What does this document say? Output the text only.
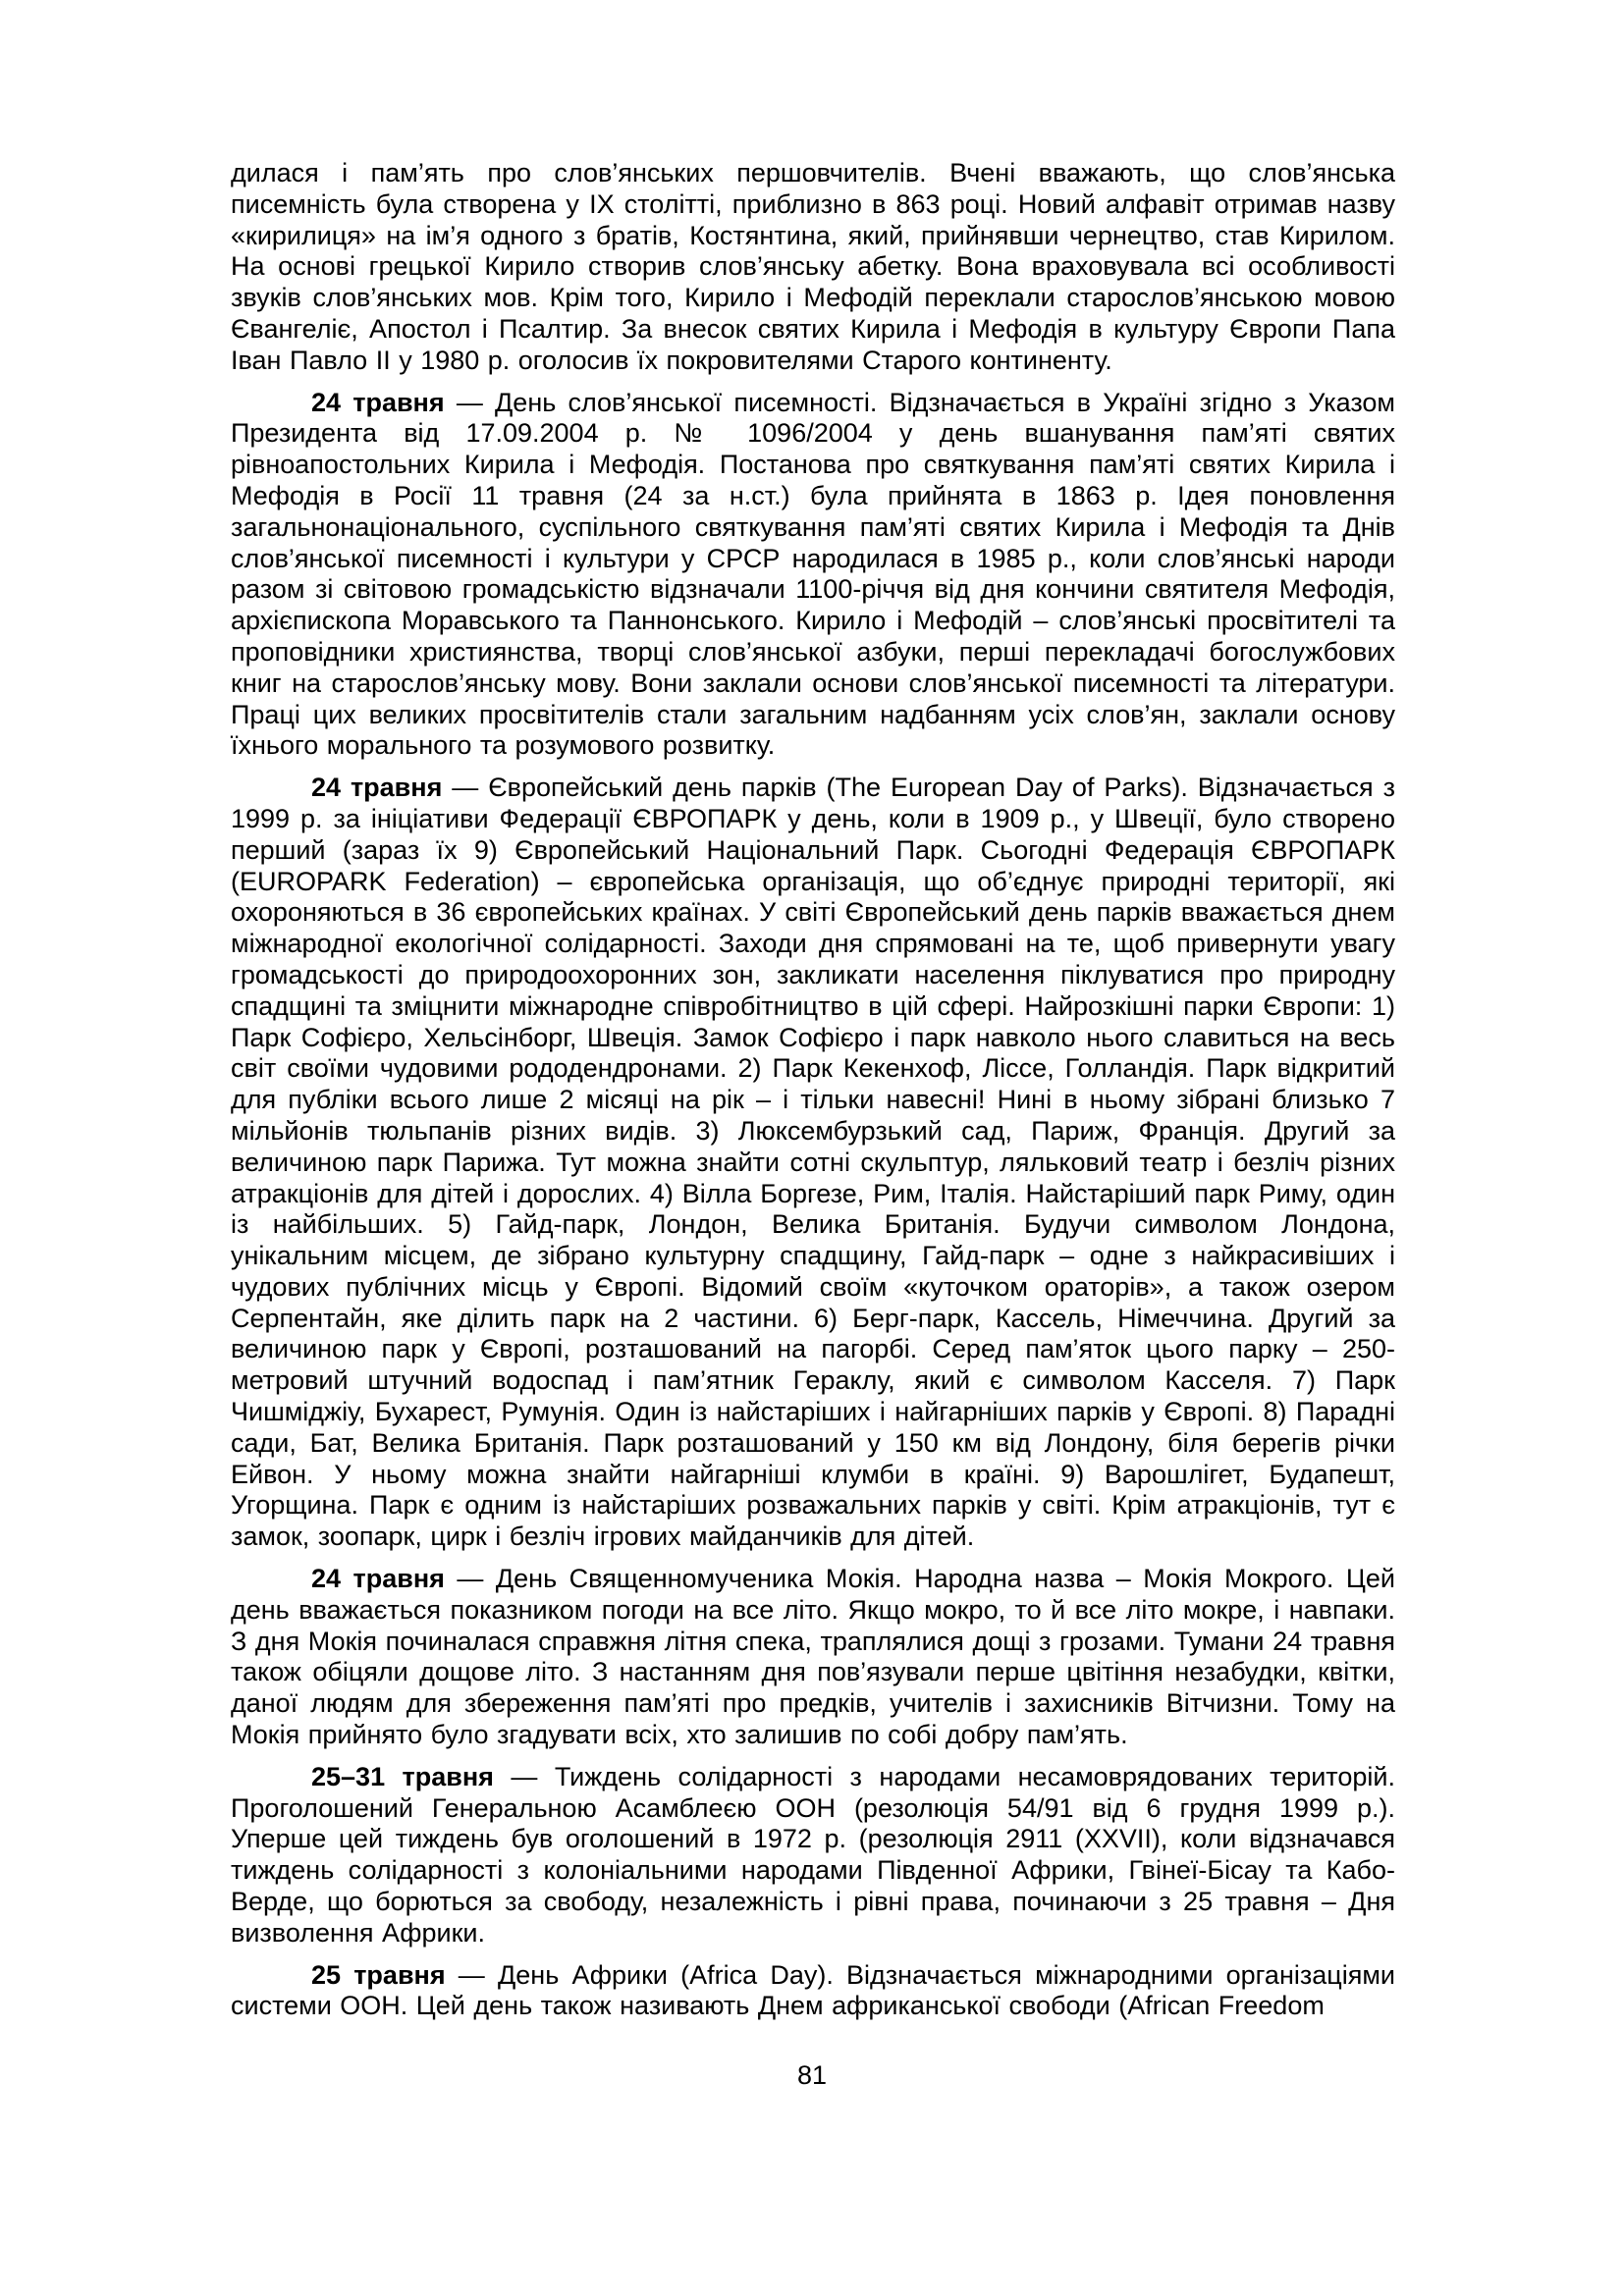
дилася і пам’ять про слов’янських першовчителів. Вчені вважають, що слов’янська писемність була створена у IX столітті, приблизно в 863 році. Новий алфавіт отримав назву «кирилиця» на ім’я одного з братів, Костянтина, який, прийнявши чернецтво, став Кирилом. На основі грецької Кирило створив слов’янську абетку. Вона враховувала всі особливості звуків слов’янських мов. Крім того, Кирило і Мефодій переклали старослов’янською мовою Євангеліє, Апостол і Псалтир. За внесок святих Кирила і Мефодія в культуру Європи Папа Іван Павло II у 1980 р. оголосив їх покровителями Старого континенту.

24 травня — День слов’янської писемності. Відзначається в Україні згідно з Указом Президента від 17.09.2004 р. № 1096/2004 у день вшанування пам’яті святих рівноапостольних Кирила і Мефодія. Постанова про святкування пам’яті святих Кирила і Мефодія в Росії 11 травня (24 за н.ст.) була прийнята в 1863 р. Ідея поновлення загальнонаціонального, суспільного святкування пам’яті святих Кирила і Мефодія та Днів слов’янської писемності і культури у СРСР народилася в 1985 р., коли слов’янські народи разом зі світовою громадськістю відзначали 1100-річчя від дня кончини святителя Мефодія, архієпископа Моравського та Паннонського. Кирило і Мефодій – слов’янські просвітителі та проповідники християнства, творці слов’янської азбуки, перші перекладачі богослужбових книг на старослов’янську мову. Вони заклали основи слов’янської писемності та літератури. Праці цих великих просвітителів стали загальним надбанням усіх слов’ян, заклали основу їхнього морального та розумового розвитку.

24 травня — Європейський день парків (The European Day of Parks). Відзначається з 1999 р. за ініціативи Федерації ЄВРОПАРК у день, коли в 1909 р., у Швеції, було створено перший (зараз їх 9) Європейський Національний Парк. Сьогодні Федерація ЄВРОПАРК (EUROPARK Federation) – європейська організація, що об’єднує природні території, які охороняються в 36 європейських країнах. У світі Європейський день парків вважається днем міжнародної екологічної солідарності. Заходи дня спрямовані на те, щоб привернути увагу громадськості до природоохоронних зон, закликати населення піклуватися про природну спадщині та зміцнити міжнародне співробітництво в цій сфері. Найрозкішні парки Європи: 1) Парк Софієро, Хельсінборг, Швеція. Замок Софієро і парк навколо нього славиться на весь світ своїми чудовими рододендронами. 2) Парк Кекенхоф, Ліссе, Голландія. Парк відкритий для публіки всього лише 2 місяці на рік – і тільки навесні! Нині в ньому зібрані близько 7 мільйонів тюльпанів різних видів. 3) Люксембурзький сад, Париж, Франція. Другий за величиною парк Парижа. Тут можна знайти сотні скульптур, ляльковий театр і безліч різних атракціонів для дітей і дорослих. 4) Вілла Боргезе, Рим, Італія. Найстаріший парк Риму, один із найбільших. 5) Гайд-парк, Лондон, Велика Британія. Будучи символом Лондона, унікальним місцем, де зібрано культурну спадщину, Гайд-парк – одне з найкрасивіших і чудових публічних місць у Європі. Відомий своїм «куточком ораторів», а також озером Серпентайн, яке ділить парк на 2 частини. 6) Берг-парк, Кассель, Німеччина. Другий за величиною парк у Європі, розташований на пагорбі. Серед пам’яток цього парку – 250-метровий штучний водоспад і пам’ятник Гераклу, який є символом Касселя. 7) Парк Чишміджіу, Бухарест, Румунія. Один із найстаріших і найгарніших парків у Європі. 8) Парадні сади, Бат, Велика Британія. Парк розташований у 150 км від Лондону, біля берегів річки Ейвон. У ньому можна знайти найгарніші клумби в країні. 9) Варошлігет, Будапешт, Угорщина. Парк є одним із найстаріших розважальних парків у світі. Крім атракціонів, тут є замок, зоопарк, цирк і безліч ігрових майданчиків для дітей.

24 травня — День Священномученика Мокія. Народна назва – Мокія Мокрого. Цей день вважається показником погоди на все літо. Якщо мокро, то й все літо мокре, і навпаки. З дня Мокія починалася справжня літня спека, траплялися дощі з грозами. Тумани 24 травня також обіцяли дощове літо. З настанням дня пов’язували перше цвітіння незабудки, квітки, даної людям для збереження пам’яті про предків, учителів і захисників Вітчизни. Тому на Мокія прийнято було згадувати всіх, хто залишив по собі добру пам’ять.

25–31 травня — Тиждень солідарності з народами несамоврядованих територій. Проголошений Генеральною Асамблеєю ООН (резолюція 54/91 від 6 грудня 1999 р.). Уперше цей тиждень був оголошений в 1972 р. (резолюція 2911 (XXVII), коли відзначався тиждень солідарності з колоніальними народами Південної Африки, Гвінеї-Бісау та Кабо-Верде, що борються за свободу, незалежність і рівні права, починаючи з 25 травня – Дня визволення Африки.

25 травня — День Африки (Africa Day). Відзначається міжнародними організаціями системи ООН. Цей день також називають Днем африканської свободи (African Freedom

81
